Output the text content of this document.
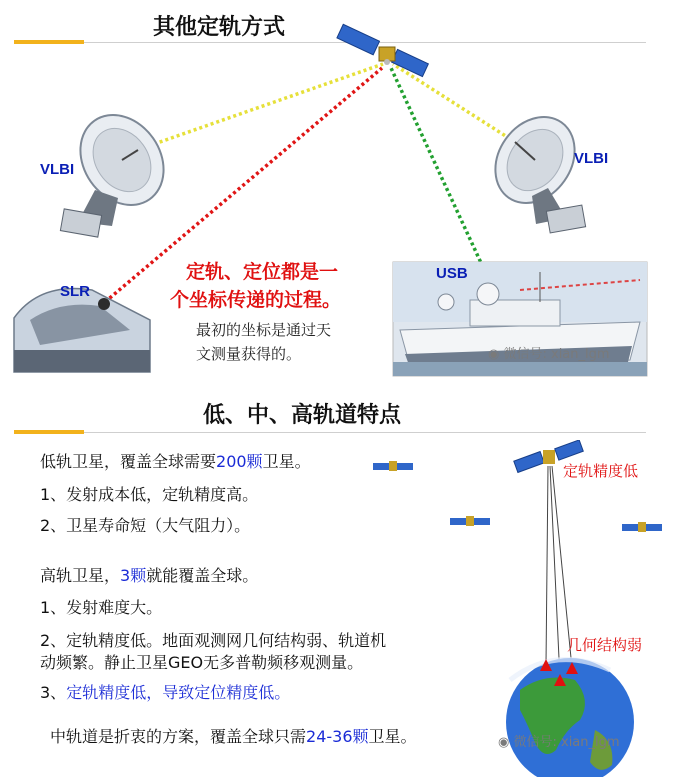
其他定轨方式
VLBI
VLBI
SLR
USB
定轨、定位都是一
个坐标传递的过程。
最初的坐标是通过天
文测量获得的。	◉ 微信号: xian_lgm
低、中、高轨道特点
低轨卫星，覆盖全球需要200颗卫星。
1、发射成本低，定轨精度高。
2、卫星寿命短（大气阻力）。
高轨卫星，3颗就能覆盖全球。
1、发射难度大。
2、定轨精度低。地面观测网几何结构弱、轨道机
动频繁。静止卫星GEO无多普勒频移观测量。
3、定轨精度低，导致定位精度低。
中轨道是折衷的方案，覆盖全球只需24-36颗卫星。
定轨精度低
几何结构弱
◉ 微信号: xian_lgm
